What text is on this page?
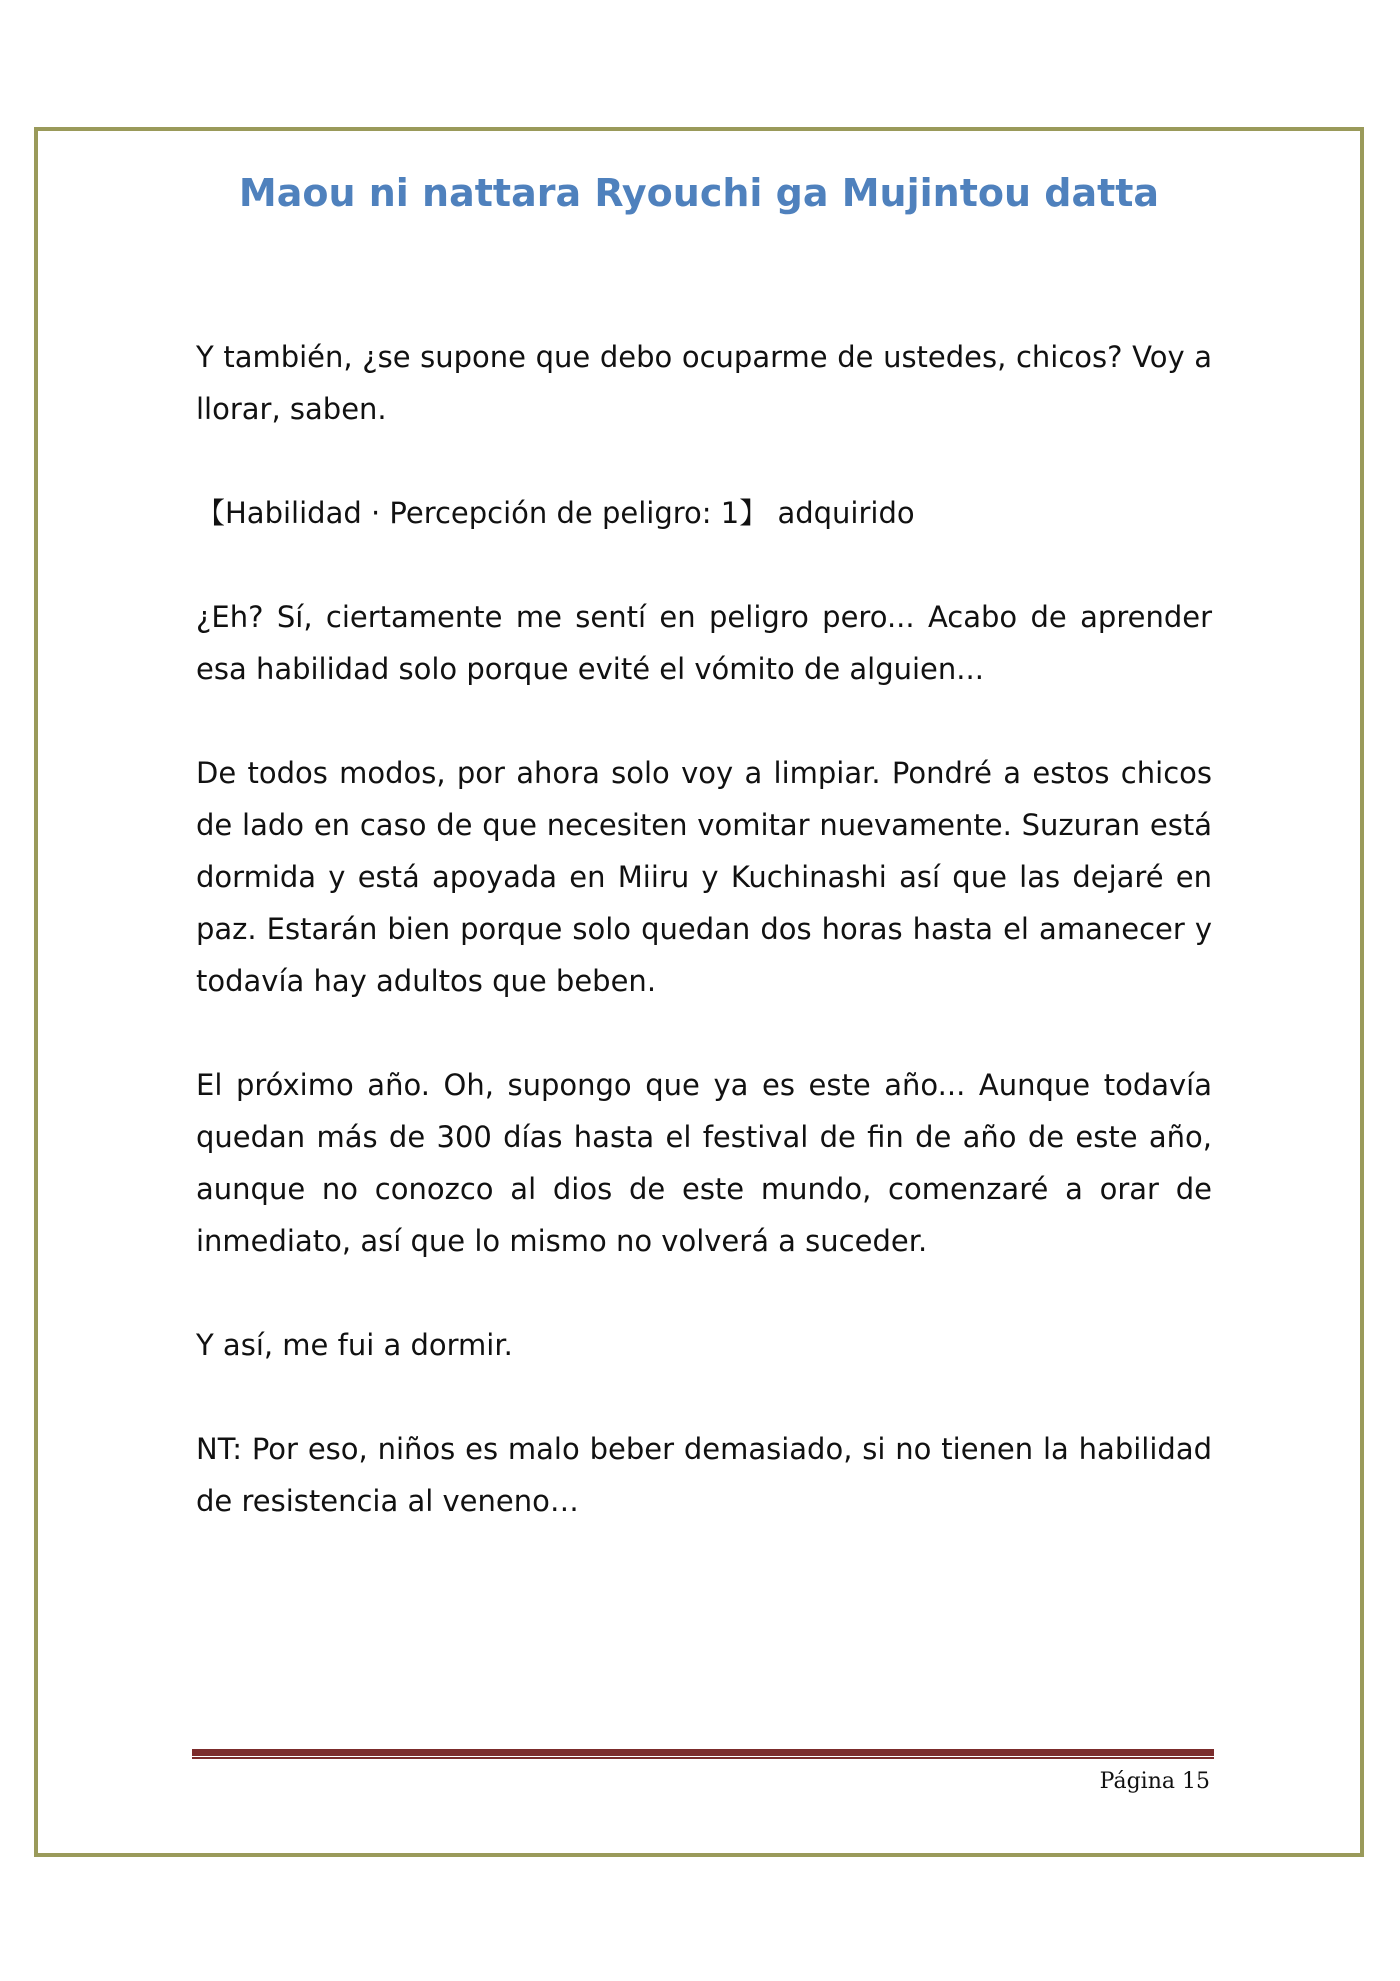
Maou ni nattara Ryouchi ga Mujintou datta

Y también, ¿se supone que debo ocuparme de ustedes, chicos? Voy a llorar, saben.

【Habilidad · Percepción de peligro: 1】 adquirido

¿Eh? Sí, ciertamente me sentí en peligro pero... Acabo de aprender esa habilidad solo porque evité el vómito de alguien...

De todos modos, por ahora solo voy a limpiar. Pondré a estos chicos de lado en caso de que necesiten vomitar nuevamente. Suzuran está dormida y está apoyada en Miiru y Kuchinashi así que las dejaré en paz. Estarán bien porque solo quedan dos horas hasta el amanecer y todavía hay adultos que beben.

El próximo año. Oh, supongo que ya es este año... Aunque todavía quedan más de 300 días hasta el festival de fin de año de este año, aunque no conozco al dios de este mundo, comenzaré a orar de inmediato, así que lo mismo no volverá a suceder.

Y así, me fui a dormir.

NT: Por eso, niños es malo beber demasiado, si no tienen la habilidad de resistencia al veneno…

Página 15
